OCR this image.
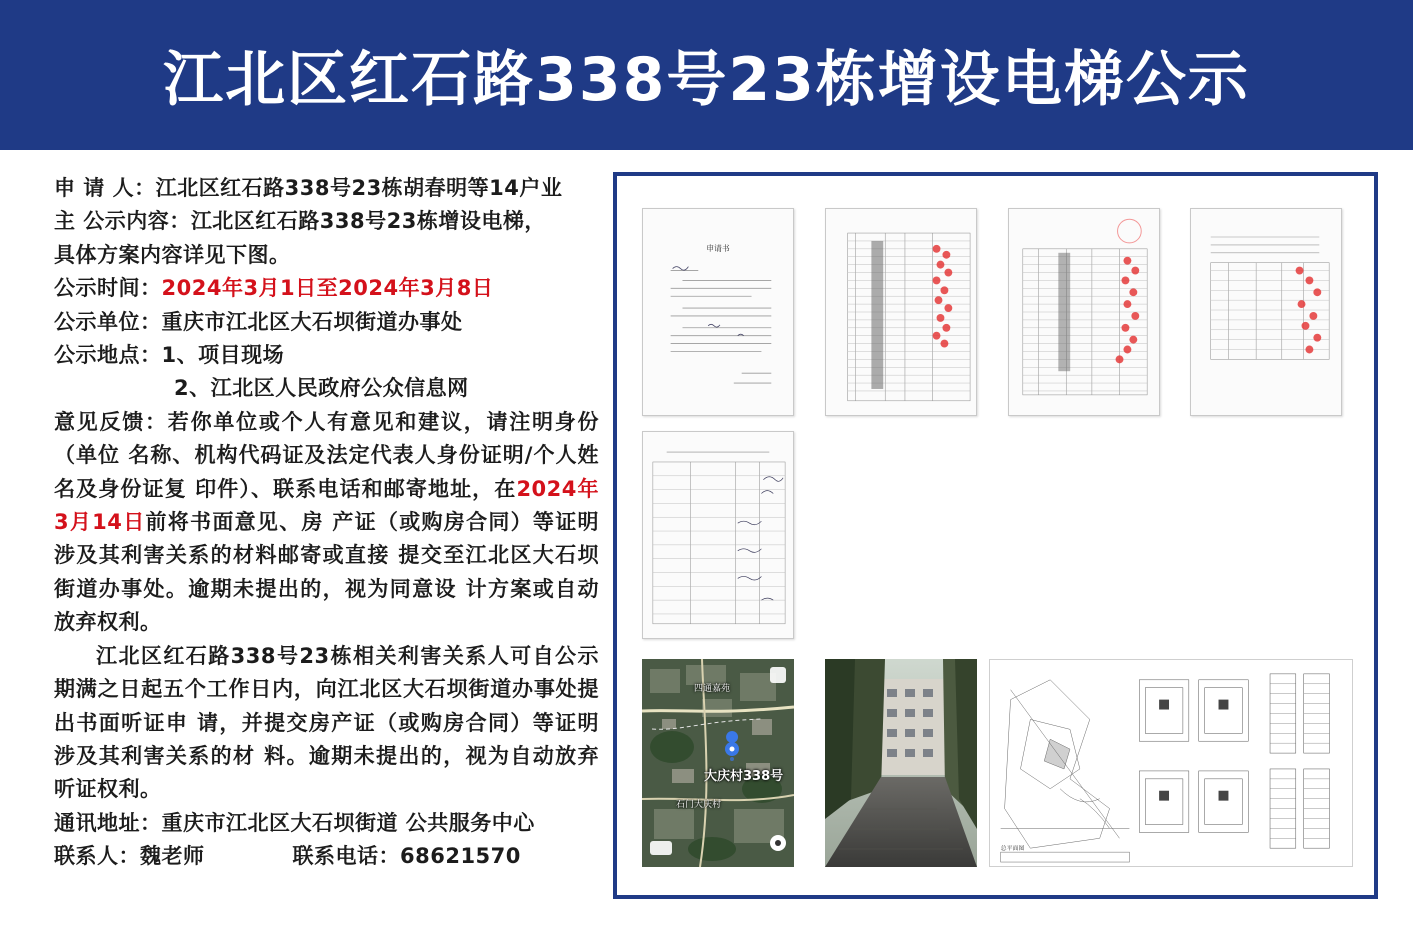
江北区红石路338号23栋增设电梯公示
申 请 人：江北区红石路338号23栋胡春明等14户业
主 公示内容：江北区红石路338号23栋增设电梯，
具体方案内容详见下图。
公示时间：2024年3月1日至2024年3月8日
公示单位：重庆市江北区大石坝街道办事处
公示地点：1、项目现场
2、江北区人民政府公众信息网
意见反馈：若你单位或个人有意见和建议，请注明身份（单位 名称、机构代码证及法定代表人身份证明/个人姓名及身份证复 印件）、联系电话和邮寄地址，在2024年3月14日前将书面意见、房 产证（或购房合同）等证明涉及其利害关系的材料邮寄或直接 提交至江北区大石坝街道办事处。逾期未提出的，视为同意设 计方案或自动放弃权利。
江北区红石路338号23栋相关利害关系人可自公示期满之日起五个工作日内，向江北区大石坝街道办事处提出书面听证申 请，并提交房产证（或购房合同）等证明涉及其利害关系的材 料。逾期未提出的，视为自动放弃听证权利。
通讯地址：重庆市江北区大石坝街道 公共服务中心
联系人：魏老师	联系电话：68621570
申请书
大庆村338号
四通嘉苑
石门大庆村
总平面图
